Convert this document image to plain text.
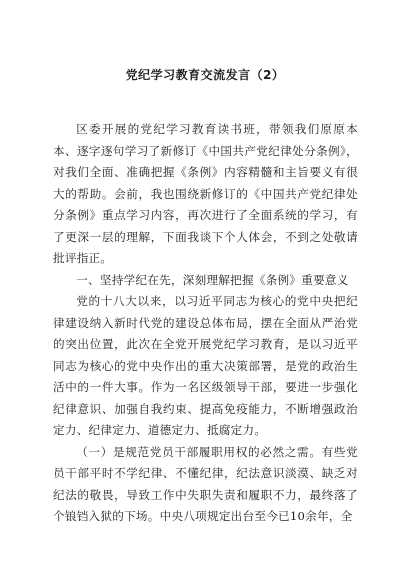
党纪学习教育交流发言（2）

区委开展的党纪学习教育读书班，带领我们原原本本、逐字逐句学习了新修订《中国共产党纪律处分条例》，对我们全面、准确把握《条例》内容精髓和主旨要义有很大的帮助。会前，我也围绕新修订的《中国共产党纪律处分条例》重点学习内容，再次进行了全面系统的学习，有了更深一层的理解，下面我谈下个人体会，不到之处敬请批评指正。

一、坚持学纪在先，深刻理解把握《条例》重要意义

党的十八大以来，以习近平同志为核心的党中央把纪律建设纳入新时代党的建设总体布局，摆在全面从严治党的突出位置，此次在全党开展党纪学习教育，是以习近平同志为核心的党中央作出的重大决策部署，是党的政治生活中的一件大事。作为一名区级领导干部，要进一步强化纪律意识、加强自我约束、提高免疫能力，不断增强政治定力、纪律定力、道德定力、抵腐定力。

（一）是规范党员干部履职用权的必然之需。有些党员干部平时不学纪律、不懂纪律，纪法意识淡漠、缺乏对纪法的敬畏，导致工作中失职失责和履职不力，最终落了个锒铛入狱的下场。中央八项规定出台至今已10余年，全
